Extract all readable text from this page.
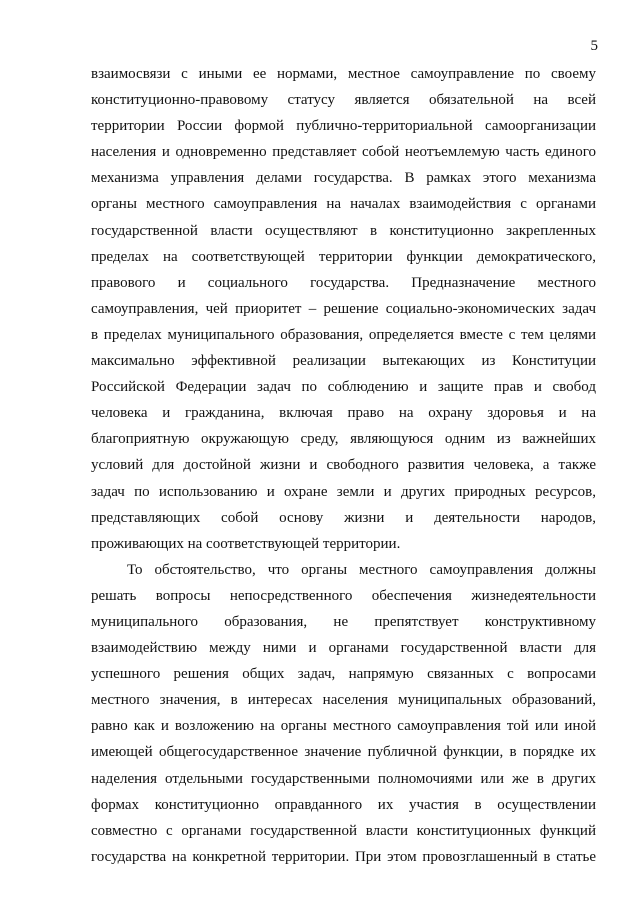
5
взаимосвязи с иными ее нормами, местное самоуправление по своему
конституционно-правовому статусу является обязательной на всей
территории России формой публично-территориальной самоорганизации
населения и одновременно представляет собой неотъемлемую часть единого
механизма управления делами государства. В рамках этого механизма
органы местного самоуправления на началах взаимодействия с органами
государственной власти осуществляют в конституционно закрепленных
пределах на соответствующей территории функции демократического,
правового и социального государства. Предназначение местного
самоуправления, чей приоритет – решение социально-экономических задач
в пределах муниципального образования, определяется вместе с тем целями
максимально эффективной реализации вытекающих из Конституции
Российской Федерации задач по соблюдению и защите прав и свобод
человека и гражданина, включая право на охрану здоровья и на
благоприятную окружающую среду, являющуюся одним из важнейших
условий для достойной жизни и свободного развития человека, а также
задач по использованию и охране земли и других природных ресурсов,
представляющих собой основу жизни и деятельности народов,
проживающих на соответствующей территории.
То обстоятельство, что органы местного самоуправления должны
решать вопросы непосредственного обеспечения жизнедеятельности
муниципального образования, не препятствует конструктивному
взаимодействию между ними и органами государственной власти для
успешного решения общих задач, напрямую связанных с вопросами
местного значения, в интересах населения муниципальных образований,
равно как и возложению на органы местного самоуправления той или иной
имеющей общегосударственное значение публичной функции, в порядке их
наделения отдельными государственными полномочиями или же в других
формах конституционно оправданного их участия в осуществлении
совместно с органами государственной власти конституционных функций
государства на конкретной территории. При этом провозглашенный в статье
